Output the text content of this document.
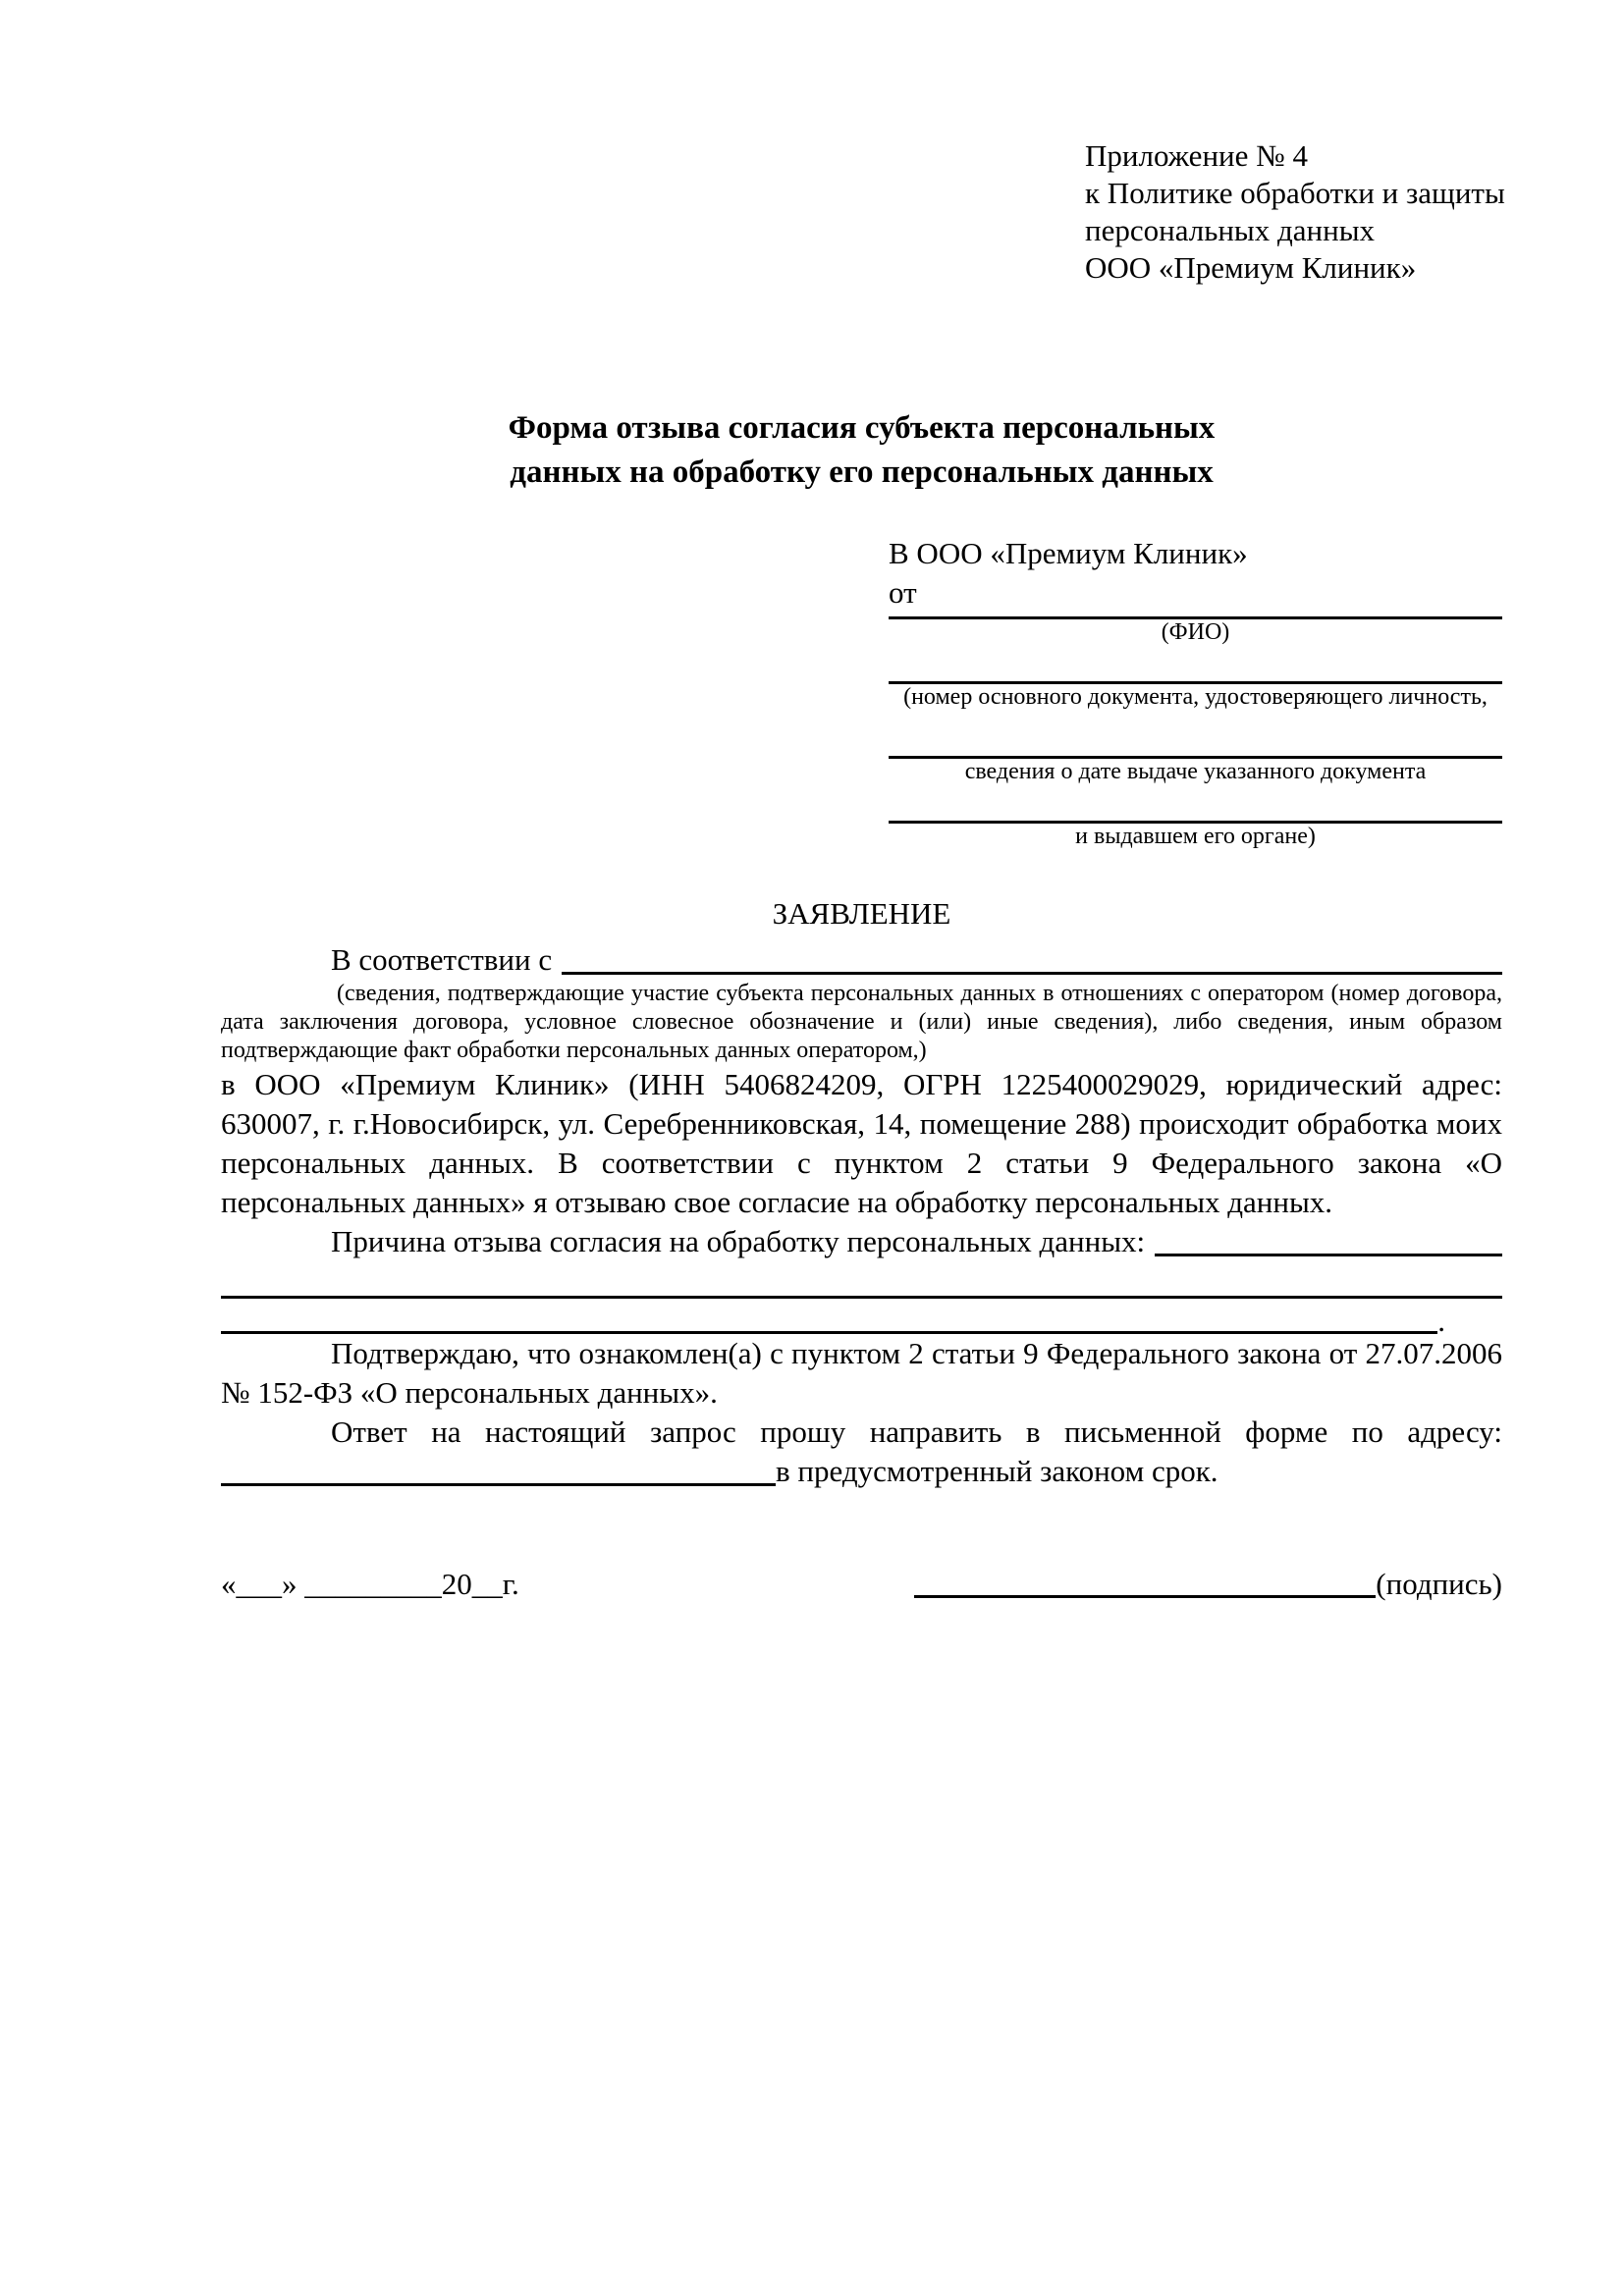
Приложение № 4
к Политике обработки и защиты
персональных данных
ООО «Премиум Клиник»
Форма отзыва согласия субъекта персональных данных на обработку его персональных данных
В ООО «Премиум Клиник»
от
(ФИО)
(номер основного документа, удостоверяющего личность,
сведения о дате выдаче указанного документа
и выдавшем его органе)
ЗАЯВЛЕНИЕ
В соответствии с
(сведения, подтверждающие участие субъекта персональных данных в отношениях с оператором (номер договора, дата заключения договора, условное словесное обозначение и (или) иные сведения), либо сведения, иным образом подтверждающие факт обработки персональных данных оператором,)
в ООО «Премиум Клиник» (ИНН 5406824209, ОГРН 1225400029029, юридический адрес: 630007, г. г.Новосибирск, ул. Серебренниковская, 14, помещение 288) происходит обработка моих персональных данных. В соответствии с пунктом 2 статьи 9 Федерального закона «О персональных данных» я отзываю свое согласие на обработку персональных данных.
Причина отзыва согласия на обработку персональных данных:
.
Подтверждаю, что ознакомлен(а) с пунктом 2 статьи 9 Федерального закона от 27.07.2006 № 152-ФЗ «О персональных данных».
Ответ на настоящий запрос прошу направить в письменной форме по адресу:
в предусмотренный законом срок.
«___» _________20__г.	(подпись)
